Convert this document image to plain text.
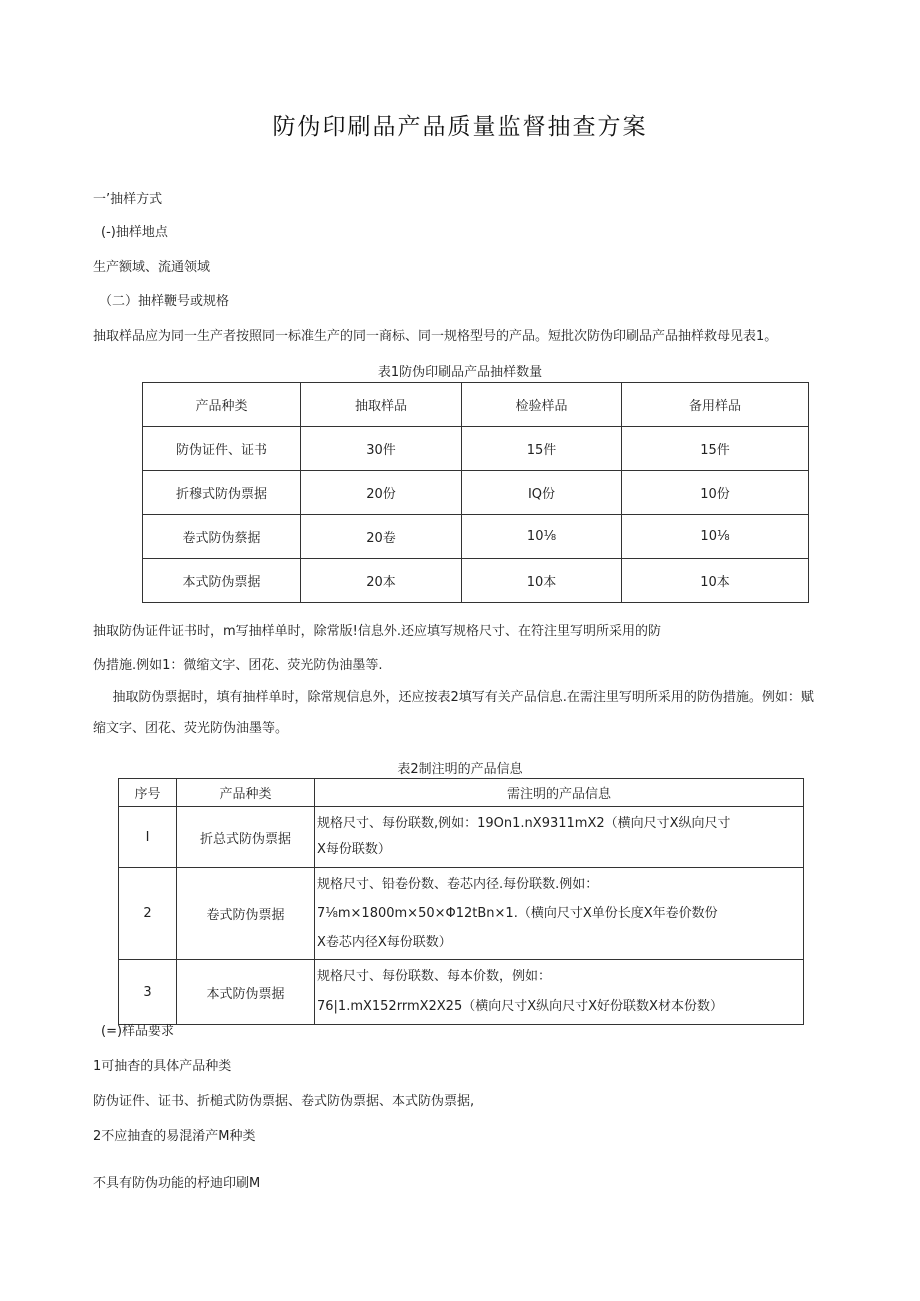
防伪印刷品产品质量监督抽查方案
一’抽样方式
(-)抽样地点
生产额域、流通领域
（二）抽样鞭号或规格
抽取样品应为同一生产者按照同一标准生产的同一商标、同一规格型号的产品。短批次防伪印刷品产品抽样救母见表1。
表1防伪印刷品产品抽样数量
产品种类	抽取样品	检验样品	备用样品
防伪证件、证书	30件	15件	15件
折穆式防伪票据	20份	IQ份	10份
卷式防伪蔡据	20卷	10⅛	10⅛
本式防伪票据	20本	10本	10本
抽取防伪证件证书时，m写抽样单时，除常版!信息外.还应填写规格尺寸、在符注里写明所采用的防
伪措施.例如1：微缩文字、团花、荧光防伪油墨等.
抽取防伪票据时，填有抽样单时，除常规信息外，还应按表2填写有关产品信息.在需注里写明所采用的防伪措施。例如：赋缩文字、团花、荧光防伪油墨等。
表2制注明的产品信息
序号	产品种类	需注明的产品信息
I	折总式防伪票据	规格尺寸、每份联数,例如：19On1.nX9311mX2（横向尺寸X纵向尺寸
X每份联数）

2	卷式防伪票据	规格尺寸、铅卷份数、卷芯内径.每份联数.例如：
7⅛m×1800m×50×Φ12tBn×1.（横向尺寸X单份长度X年卷价数份
X卷芯内径X每份联数）

3	本式防伪票据	规格尺寸、每份联数、每本价数，例如：
76|1.mX152rrmX2X25（横向尺寸X纵向尺寸X好份联数X材本份数）
(=)样品要求
1可抽杳的具体产品种类
防伪证件、证书、折槌式防伪票据、卷式防伪票据、本式防伪票据,
2不应抽査的易混淆产M种类
不具有防伪功能的杼迪印刷M
